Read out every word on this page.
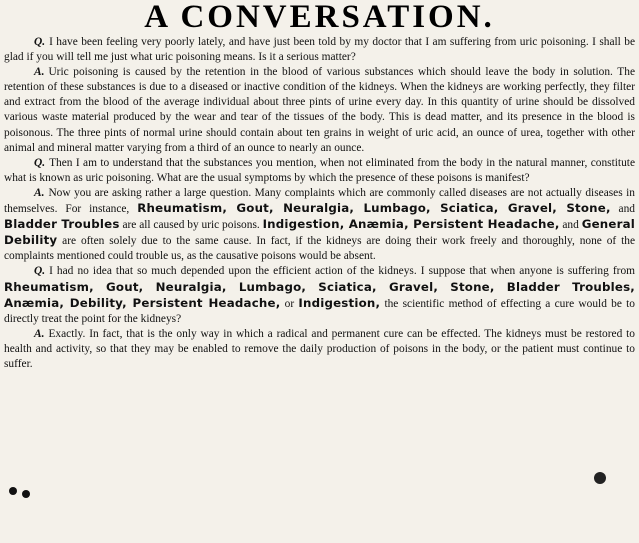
A CONVERSATION.

Q. I have been feeling very poorly lately, and have just been told by my doctor that I am suffering from uric poisoning. I shall be glad if you will tell me just what uric poisoning means. Is it a serious matter?

A. Uric poisoning is caused by the retention in the blood of various substances which should leave the body in solution. The retention of these substances is due to a diseased or inactive condition of the kidneys. When the kidneys are working perfectly, they filter and extract from the blood of the average individual about three pints of urine every day. In this quantity of urine should be dissolved various waste material produced by the wear and tear of the tissues of the body. This is dead matter, and its presence in the blood is poisonous. The three pints of normal urine should contain about ten grains in weight of uric acid, an ounce of urea, together with other animal and mineral matter varying from a third of an ounce to nearly an ounce.

Q. Then I am to understand that the substances you mention, when not eliminated from the body in the natural manner, constitute what is known as uric poisoning. What are the usual symptoms by which the presence of these poisons is manifest?

A. Now you are asking rather a large question. Many complaints which are commonly called diseases are not actually diseases in themselves. For instance, Rheumatism, Gout, Neuralgia, Lumbago, Sciatica, Gravel, Stone, and Bladder Troubles are all caused by uric poisons. Indigestion, Anæmia, Persistent Headache, and General Debility are often solely due to the same cause. In fact, if the kidneys are doing their work freely and thoroughly, none of the complaints mentioned could trouble us, as the causative poisons would be absent.

Q. I had no idea that so much depended upon the efficient action of the kidneys. I suppose that when anyone is suffering from Rheumatism, Gout, Neuralgia, Lumbago, Sciatica, Gravel, Stone, Bladder Troubles, Anæmia, Debility, Persistent Headache, or Indigestion, the scientific method of effecting a cure would be to directly treat the point for the kidneys?

A. Exactly. In fact, that is the only way in which a radical and permanent cure can be effected. The kidneys must be restored to health and activity, so that they may be enabled to remove the daily production of poisons in the body, or the patient must continue to suffer.
